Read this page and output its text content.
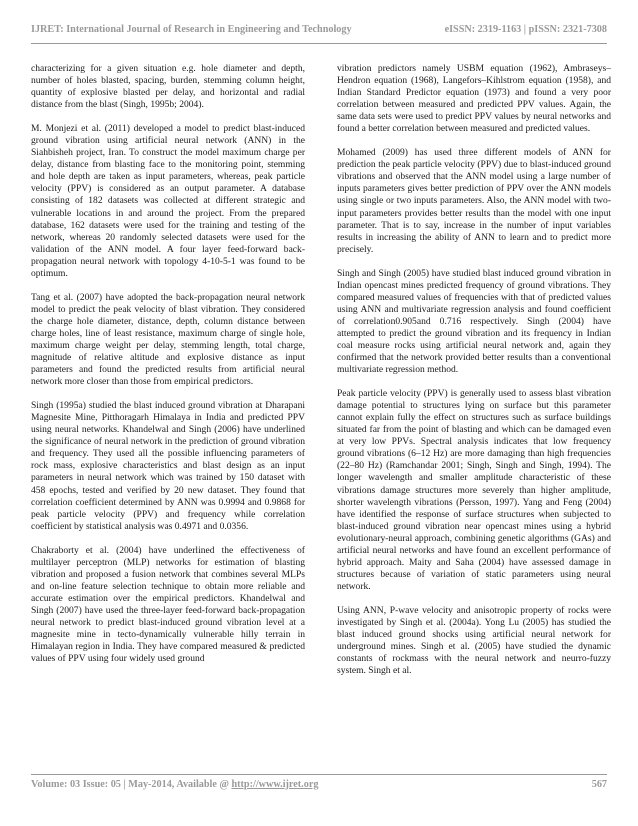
IJRET: International Journal of Research in Engineering and Technology	eISSN: 2319-1163 | pISSN: 2321-7308

characterizing for a given situation e.g. hole diameter and depth, number of holes blasted, spacing, burden, stemming column height, quantity of explosive blasted per delay, and horizontal and radial distance from the blast (Singh, 1995b; 2004).

M. Monjezi et al. (2011) developed a model to predict blast-induced ground vibration using artificial neural network (ANN) in the Siahbisheh project, Iran. To construct the model maximum charge per delay, distance from blasting face to the monitoring point, stemming and hole depth are taken as input parameters, whereas, peak particle velocity (PPV) is considered as an output parameter. A database consisting of 182 datasets was collected at different strategic and vulnerable locations in and around the project. From the prepared database, 162 datasets were used for the training and testing of the network, whereas 20 randomly selected datasets were used for the validation of the ANN model. A four layer feed-forward back-propagation neural network with topology 4-10-5-1 was found to be optimum.

Tang et al. (2007) have adopted the back-propagation neural network model to predict the peak velocity of blast vibration. They considered the charge hole diameter, distance, depth, column distance between charge holes, line of least resistance, maximum charge of single hole, maximum charge weight per delay, stemming length, total charge, magnitude of relative altitude and explosive distance as input parameters and found the predicted results from artificial neural network more closer than those from empirical predictors.

Singh (1995a) studied the blast induced ground vibration at Dharapani Magnesite Mine, Pitthoragarh Himalaya in India and predicted PPV using neural networks. Khandelwal and Singh (2006) have underlined the significance of neural network in the prediction of ground vibration and frequency. They used all the possible influencing parameters of rock mass, explosive characteristics and blast design as an input parameters in neural network which was trained by 150 dataset with 458 epochs, tested and verified by 20 new dataset. They found that correlation coefficient determined by ANN was 0.9994 and 0.9868 for peak particle velocity (PPV) and frequency while correlation coefficient by statistical analysis was 0.4971 and 0.0356.

Chakraborty et al. (2004) have underlined the effectiveness of multilayer perceptron (MLP) networks for estimation of blasting vibration and proposed a fusion network that combines several MLPs and on-line feature selection technique to obtain more reliable and accurate estimation over the empirical predictors. Khandelwal and Singh (2007) have used the three-layer feed-forward back-propagation neural network to predict blast-induced ground vibration level at a magnesite mine in tecto-dynamically vulnerable hilly terrain in Himalayan region in India. They have compared measured & predicted values of PPV using four widely used ground

vibration predictors namely USBM equation (1962), Ambraseys–Hendron equation (1968), Langefors–Kihlstrom equation (1958), and Indian Standard Predictor equation (1973) and found a very poor correlation between measured and predicted PPV values. Again, the same data sets were used to predict PPV values by neural networks and found a better correlation between measured and predicted values.

Mohamed (2009) has used three different models of ANN for prediction the peak particle velocity (PPV) due to blast-induced ground vibrations and observed that the ANN model using a large number of inputs parameters gives better prediction of PPV over the ANN models using single or two inputs parameters. Also, the ANN model with two-input parameters provides better results than the model with one input parameter. That is to say, increase in the number of input variables results in increasing the ability of ANN to learn and to predict more precisely.

Singh and Singh (2005) have studied blast induced ground vibration in Indian opencast mines predicted frequency of ground vibrations. They compared measured values of frequencies with that of predicted values using ANN and multivariate regression analysis and found coefficient of correlation0.905and 0.716 respectively. Singh (2004) have attempted to predict the ground vibration and its frequency in Indian coal measure rocks using artificial neural network and, again they confirmed that the network provided better results than a conventional multivariate regression method.

Peak particle velocity (PPV) is generally used to assess blast vibration damage potential to structures lying on surface but this parameter cannot explain fully the effect on structures such as surface buildings situated far from the point of blasting and which can be damaged even at very low PPVs. Spectral analysis indicates that low frequency ground vibrations (6–12 Hz) are more damaging than high frequencies (22–80 Hz) (Ramchandar 2001; Singh, Singh and Singh, 1994). The longer wavelength and smaller amplitude characteristic of these vibrations damage structures more severely than higher amplitude, shorter wavelength vibrations (Persson, 1997). Yang and Feng (2004) have identified the response of surface structures when subjected to blast-induced ground vibration near opencast mines using a hybrid evolutionary-neural approach, combining genetic algorithms (GAs) and artificial neural networks and have found an excellent performance of hybrid approach. Maity and Saha (2004) have assessed damage in structures because of variation of static parameters using neural network.

Using ANN, P-wave velocity and anisotropic property of rocks were investigated by Singh et al. (2004a). Yong Lu (2005) has studied the blast induced ground shocks using artificial neural network for underground mines. Singh et al. (2005) have studied the dynamic constants of rockmass with the neural network and neurro-fuzzy system. Singh et al.

Volume: 03 Issue: 05 | May-2014, Available @ http://www.ijret.org	567
